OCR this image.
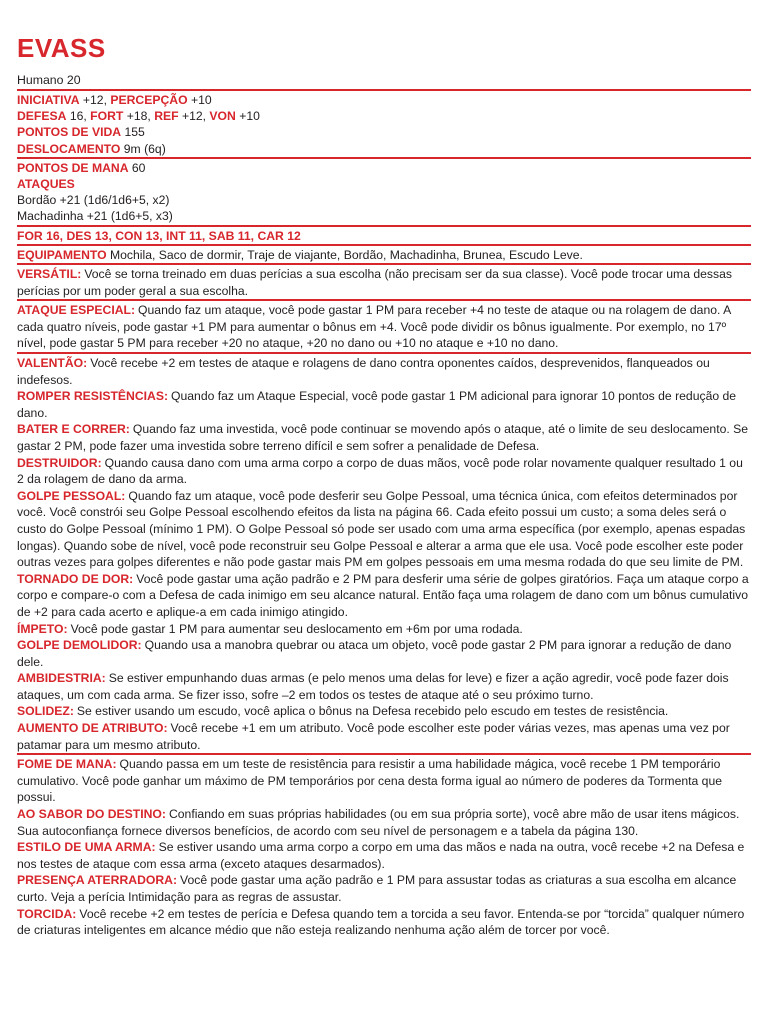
EVASS
Humano 20
INICIATIVA +12, PERCEPÇÃO +10
DEFESA 16, FORT +18, REF +12, VON +10
PONTOS DE VIDA 155
DESLOCAMENTO 9m (6q)
PONTOS DE MANA 60
ATAQUES
Bordão +21 (1d6/1d6+5, x2)
Machadinha +21 (1d6+5, x3)
FOR 16, DES 13, CON 13, INT 11, SAB 11, CAR 12
EQUIPAMENTO Mochila, Saco de dormir, Traje de viajante, Bordão, Machadinha, Brunea, Escudo Leve.

VERSÁTIL: Você se torna treinado em duas perícias a sua escolha (não precisam ser da sua classe). Você pode trocar uma dessas perícias por um poder geral a sua escolha.

ATAQUE ESPECIAL: Quando faz um ataque, você pode gastar 1 PM para receber +4 no teste de ataque ou na rolagem de dano. A cada quatro níveis, pode gastar +1 PM para aumentar o bônus em +4. Você pode dividir os bônus igualmente. Por exemplo, no 17º nível, pode gastar 5 PM para receber +20 no ataque, +20 no dano ou +10 no ataque e +10 no dano.

VALENTÃO: Você recebe +2 em testes de ataque e rolagens de dano contra oponentes caídos, desprevenidos, flanqueados ou indefesos.

ROMPER RESISTÊNCIAS: Quando faz um Ataque Especial, você pode gastar 1 PM adicional para ignorar 10 pontos de redução de dano.

BATER E CORRER: Quando faz uma investida, você pode continuar se movendo após o ataque, até o limite de seu deslocamento. Se gastar 2 PM, pode fazer uma investida sobre terreno difícil e sem sofrer a penalidade de Defesa.

DESTRUIDOR: Quando causa dano com uma arma corpo a corpo de duas mãos, você pode rolar novamente qualquer resultado 1 ou 2 da rolagem de dano da arma.

GOLPE PESSOAL: Quando faz um ataque, você pode desferir seu Golpe Pessoal, uma técnica única, com efeitos determinados por você. Você constrói seu Golpe Pessoal escolhendo efeitos da lista na página 66. Cada efeito possui um custo; a soma deles será o custo do Golpe Pessoal (mínimo 1 PM). O Golpe Pessoal só pode ser usado com uma arma específica (por exemplo, apenas espadas longas). Quando sobe de nível, você pode reconstruir seu Golpe Pessoal e alterar a arma que ele usa. Você pode escolher este poder outras vezes para golpes diferentes e não pode gastar mais PM em golpes pessoais em uma mesma rodada do que seu limite de PM.

TORNADO DE DOR: Você pode gastar uma ação padrão e 2 PM para desferir uma série de golpes giratórios. Faça um ataque corpo a corpo e compare-o com a Defesa de cada inimigo em seu alcance natural. Então faça uma rolagem de dano com um bônus cumulativo de +2 para cada acerto e aplique-a em cada inimigo atingido.

ÍMPETO: Você pode gastar 1 PM para aumentar seu deslocamento em +6m por uma rodada.

GOLPE DEMOLIDOR: Quando usa a manobra quebrar ou ataca um objeto, você pode gastar 2 PM para ignorar a redução de dano dele.

AMBIDESTRIA: Se estiver empunhando duas armas (e pelo menos uma delas for leve) e fizer a ação agredir, você pode fazer dois ataques, um com cada arma. Se fizer isso, sofre –2 em todos os testes de ataque até o seu próximo turno.

SOLIDEZ: Se estiver usando um escudo, você aplica o bônus na Defesa recebido pelo escudo em testes de resistência.

AUMENTO DE ATRIBUTO: Você recebe +1 em um atributo. Você pode escolher este poder várias vezes, mas apenas uma vez por patamar para um mesmo atributo.

FOME DE MANA: Quando passa em um teste de resistência para resistir a uma habilidade mágica, você recebe 1 PM temporário cumulativo. Você pode ganhar um máximo de PM temporários por cena desta forma igual ao número de poderes da Tormenta que possui.

AO SABOR DO DESTINO: Confiando em suas próprias habilidades (ou em sua própria sorte), você abre mão de usar itens mágicos. Sua autoconfiança fornece diversos benefícios, de acordo com seu nível de personagem e a tabela da página 130.

ESTILO DE UMA ARMA: Se estiver usando uma arma corpo a corpo em uma das mãos e nada na outra, você recebe +2 na Defesa e nos testes de ataque com essa arma (exceto ataques desarmados).

PRESENÇA ATERRADORA: Você pode gastar uma ação padrão e 1 PM para assustar todas as criaturas a sua escolha em alcance curto. Veja a perícia Intimidação para as regras de assustar.

TORCIDA: Você recebe +2 em testes de perícia e Defesa quando tem a torcida a seu favor. Entenda-se por “torcida” qualquer número de criaturas inteligentes em alcance médio que não esteja realizando nenhuma ação além de torcer por você.
